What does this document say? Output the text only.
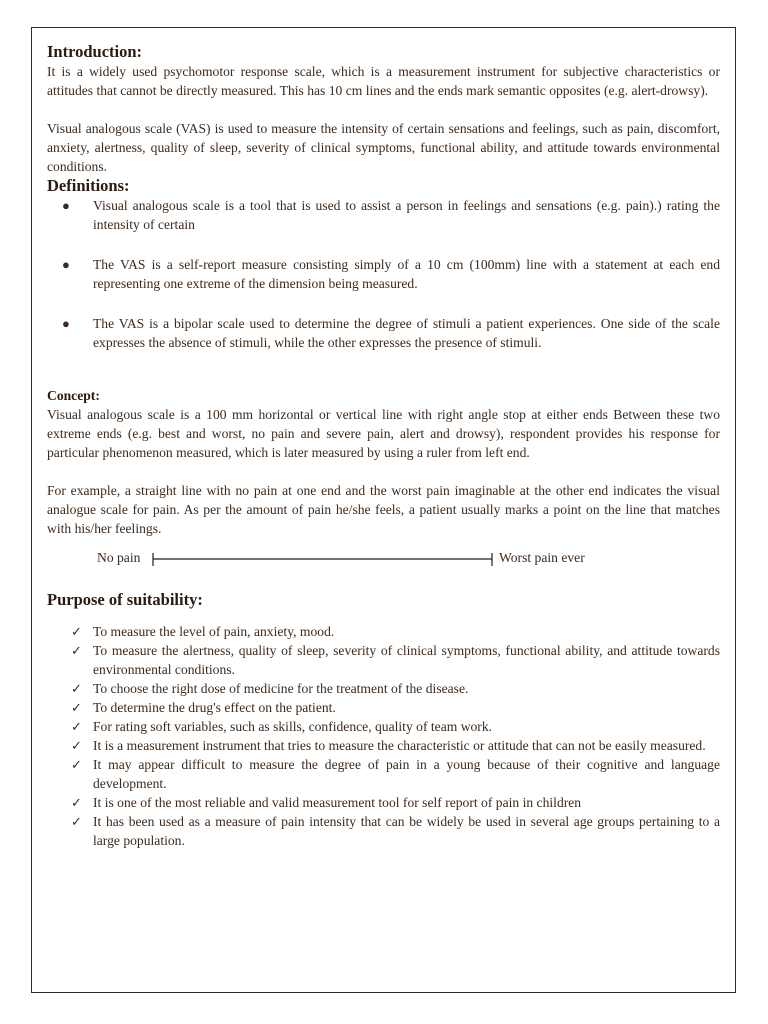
Introduction:

It is a widely used psychomotor response scale, which is a measurement instrument for subjective characteristics or attitudes that cannot be directly measured. This has 10 cm lines and the ends mark semantic opposites (e.g. alert-drowsy).

Visual analogous scale (VAS) is used to measure the intensity of certain sensations and feelings, such as pain, discomfort, anxiety, alertness, quality of sleep, severity of clinical symptoms, functional ability, and attitude towards environmental conditions.

Definitions:
● Visual analogous scale is a tool that is used to assist a person in feelings and sensations (e.g. pain).) rating the intensity of certain
● The VAS is a self-report measure consisting simply of a 10 cm (100mm) line with a statement at each end representing one extreme of the dimension being measured.
● The VAS is a bipolar scale used to determine the degree of stimuli a patient experiences. One side of the scale expresses the absence of stimuli, while the other expresses the presence of stimuli.
Concept:

Visual analogous scale is a 100 mm horizontal or vertical line with right angle stop at either ends Between these two extreme ends (e.g. best and worst, no pain and severe pain, alert and drowsy), respondent provides his response for particular phenomenon measured, which is later measured by using a ruler from left end.

For example, a straight line with no pain at one end and the worst pain imaginable at the other end indicates the visual analogue scale for pain. As per the amount of pain he/she feels, a patient usually marks a point on the line that matches with his/her feelings.

No pain	Worst pain ever
Purpose of suitability:
✓ To measure the level of pain, anxiety, mood.
✓ To measure the alertness, quality of sleep, severity of clinical symptoms, functional ability, and attitude towards environmental conditions.
✓ To choose the right dose of medicine for the treatment of the disease.
✓ To determine the drug's effect on the patient.
✓ For rating soft variables, such as skills, confidence, quality of team work.
✓ It is a measurement instrument that tries to measure the characteristic or attitude that can not be easily measured.
✓ It may appear difficult to measure the degree of pain in a young because of their cognitive and language development.
✓ It is one of the most reliable and valid measurement tool for self report of pain in children
✓ It has been used as a measure of pain intensity that can be widely be used in several age groups pertaining to a large population.
